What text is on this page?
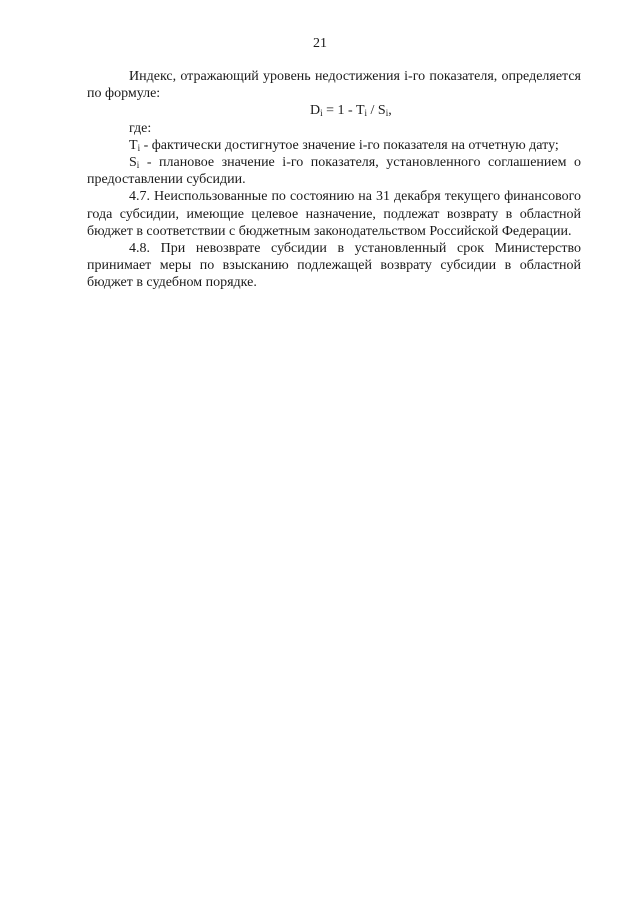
21

Индекс, отражающий уровень недостижения i-го показателя, определяется по формуле:

$D_i = 1 - T_i / S_i$,

где:

$T_i$ - фактически достигнутое значение i-го показателя на отчетную дату;

$S_i$ - плановое значение i-го показателя, установленного соглашением о предоставлении субсидии.

4.7. Неиспользованные по состоянию на 31 декабря текущего финансового года субсидии, имеющие целевое назначение, подлежат возврату в областной бюджет в соответствии с бюджетным законодательством Российской Федерации.

4.8. При невозврате субсидии в установленный срок Министерство принимает меры по взысканию подлежащей возврату субсидии в областной бюджет в судебном порядке.
